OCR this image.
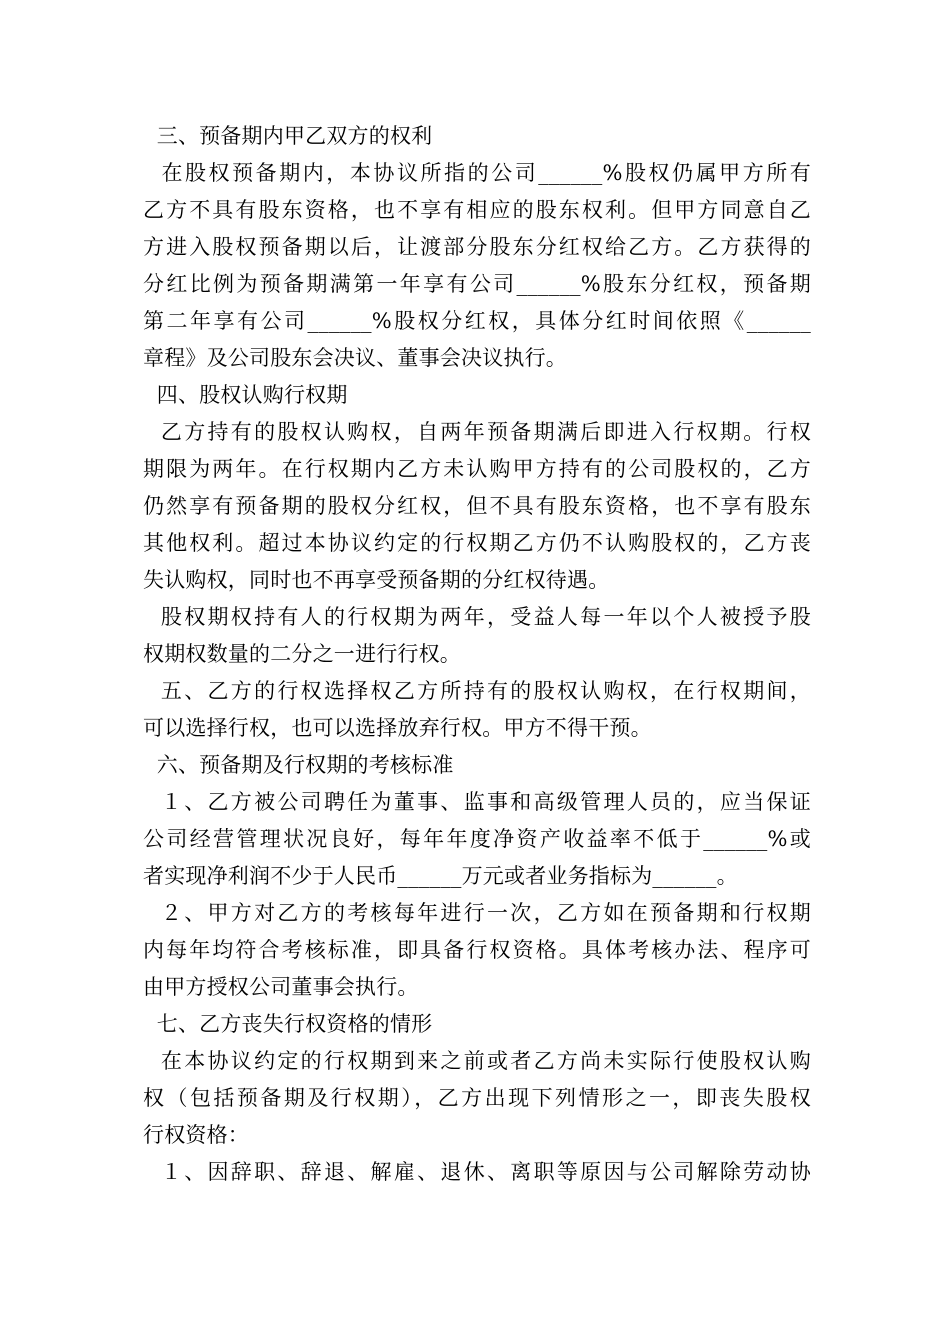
三、预备期内甲乙双方的权利
在股权预备期内，本协议所指的公司______%股权仍属甲方所有
乙方不具有股东资格，也不享有相应的股东权利。但甲方同意自乙
方进入股权预备期以后，让渡部分股东分红权给乙方。乙方获得的
分红比例为预备期满第一年享有公司______%股东分红权，预备期
第二年享有公司______%股权分红权，具体分红时间依照《______
章程》及公司股东会决议、董事会决议执行。
四、股权认购行权期
乙方持有的股权认购权，自两年预备期满后即进入行权期。行权
期限为两年。在行权期内乙方未认购甲方持有的公司股权的，乙方
仍然享有预备期的股权分红权，但不具有股东资格，也不享有股东
其他权利。超过本协议约定的行权期乙方仍不认购股权的，乙方丧
失认购权，同时也不再享受预备期的分红权待遇。
股权期权持有人的行权期为两年，受益人每一年以个人被授予股
权期权数量的二分之一进行行权。
五、乙方的行权选择权乙方所持有的股权认购权，在行权期间，
可以选择行权，也可以选择放弃行权。甲方不得干预。
六、预备期及行权期的考核标准
１、乙方被公司聘任为董事、监事和高级管理人员的，应当保证
公司经营管理状况良好，每年年度净资产收益率不低于______%或
者实现净利润不少于人民币______万元或者业务指标为______。
２、甲方对乙方的考核每年进行一次，乙方如在预备期和行权期
内每年均符合考核标准，即具备行权资格。具体考核办法、程序可
由甲方授权公司董事会执行。
七、乙方丧失行权资格的情形
在本协议约定的行权期到来之前或者乙方尚未实际行使股权认购
权（包括预备期及行权期），乙方出现下列情形之一，即丧失股权
行权资格：
１、因辞职、辞退、解雇、退休、离职等原因与公司解除劳动协
